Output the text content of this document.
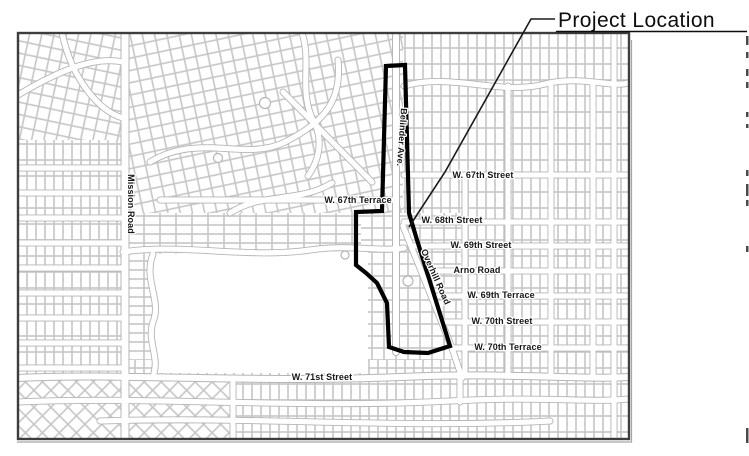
W. 67th Street
W. 67th Terrace
W. 68th Street
W. 69th Street
Arno Road
W. 69th Terrace
W. 70th Street
W. 70th Terrace
W. 71st Street
Mission Road
Belinder Ave.
Overhill Road
Project Location
